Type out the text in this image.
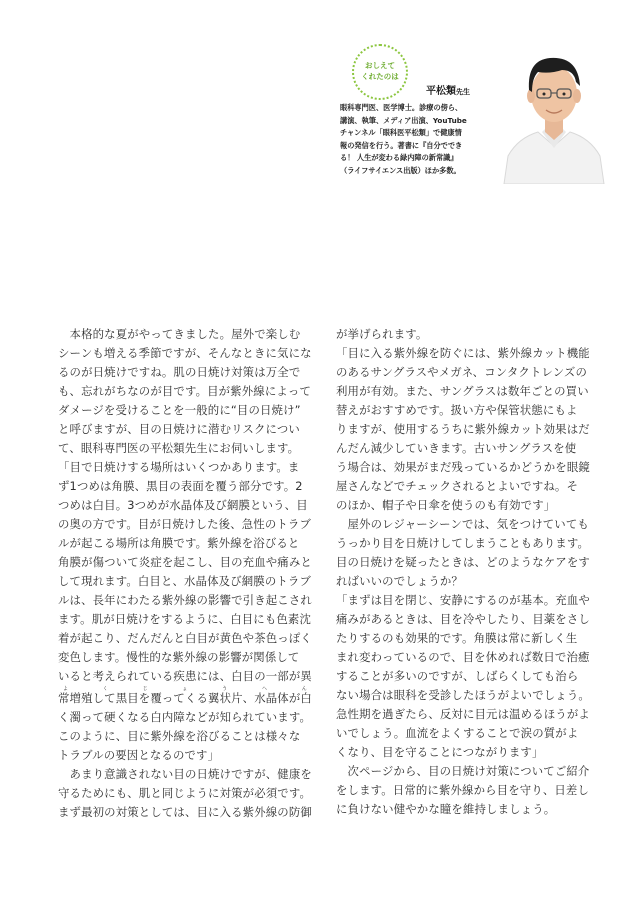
おしえて
くれたのは
平松類先生
眼科専門医、医学博士。診療の傍ら、
講演、執筆、メディア出演、YouTube
チャンネル「眼科医平松類」で健康情
報の発信を行う。著書に『自分ででき
る！ 人生が変わる緑内障の新常識』
（ライフサイエンス出版）ほか多数。
　本格的な夏がやってきました。屋外で楽しむ
シーンも増える季節ですが、そんなときに気にな
るのが日焼けですね。肌の日焼け対策は万全で
も、忘れがちなのが目です。目が紫外線によって
ダメージを受けることを一般的に“目の日焼け”
と呼びますが、目の日焼けに潜むリスクについ
て、眼科専門医の平松類先生にお伺いします。
「目で日焼けする場所はいくつかあります。ま
ず1つめは角膜、黒目の表面を覆う部分です。2
つめは白目。3つめが水晶体及び網膜という、目
の奥の方です。目が日焼けした後、急性のトラブ
ルが起こる場所は角膜です。紫外線を浴びると
角膜が傷ついて炎症を起こし、目の充血や痛みと
して現れます。白目と、水晶体及び網膜のトラブ
ルは、長年にわたる紫外線の影響で引き起こされ
ます。肌が日焼けをするように、白目にも色素沈
着が起こり、だんだんと白目が黄色や茶色っぽく
変色します。慢性的な紫外線の影響が関係して
いると考えられている疾患には、白目の一部が異
常増殖して黒目を覆ってくる翼状片、水晶体が白よくじょうへん
く濁って硬くなる白内障などが知られています。
このように、目に紫外線を浴びることは様々な
トラブルの要因となるのです」
　あまり意識されない目の日焼けですが、健康を
守るためにも、肌と同じように対策が必須です。
まず最初の対策としては、目に入る紫外線の防御
が挙げられます。
「目に入る紫外線を防ぐには、紫外線カット機能
のあるサングラスやメガネ、コンタクトレンズの
利用が有効。また、サングラスは数年ごとの買い
替えがおすすめです。扱い方や保管状態にもよ
りますが、使用するうちに紫外線カット効果はだ
んだん減少していきます。古いサングラスを使
う場合は、効果がまだ残っているかどうかを眼鏡
屋さんなどでチェックされるとよいですね。そ
のほか、帽子や日傘を使うのも有効です」
　屋外のレジャーシーンでは、気をつけていても
うっかり目を日焼けしてしまうこともあります。
目の日焼けを疑ったときは、どのようなケアをす
ればいいのでしょうか？
「まずは目を閉じ、安静にするのが基本。充血や
痛みがあるときは、目を冷やしたり、目薬をさし
たりするのも効果的です。角膜は常に新しく生
まれ変わっているので、目を休めれば数日で治癒
することが多いのですが、しばらくしても治ら
ない場合は眼科を受診したほうがよいでしょう。
急性期を過ぎたら、反対に目元は温めるほうがよ
いでしょう。血流をよくすることで涙の質がよ
くなり、目を守ることにつながります」
　次ページから、目の日焼け対策についてご紹介
をします。日常的に紫外線から目を守り、日差し
に負けない健やかな瞳を維持しましょう。
